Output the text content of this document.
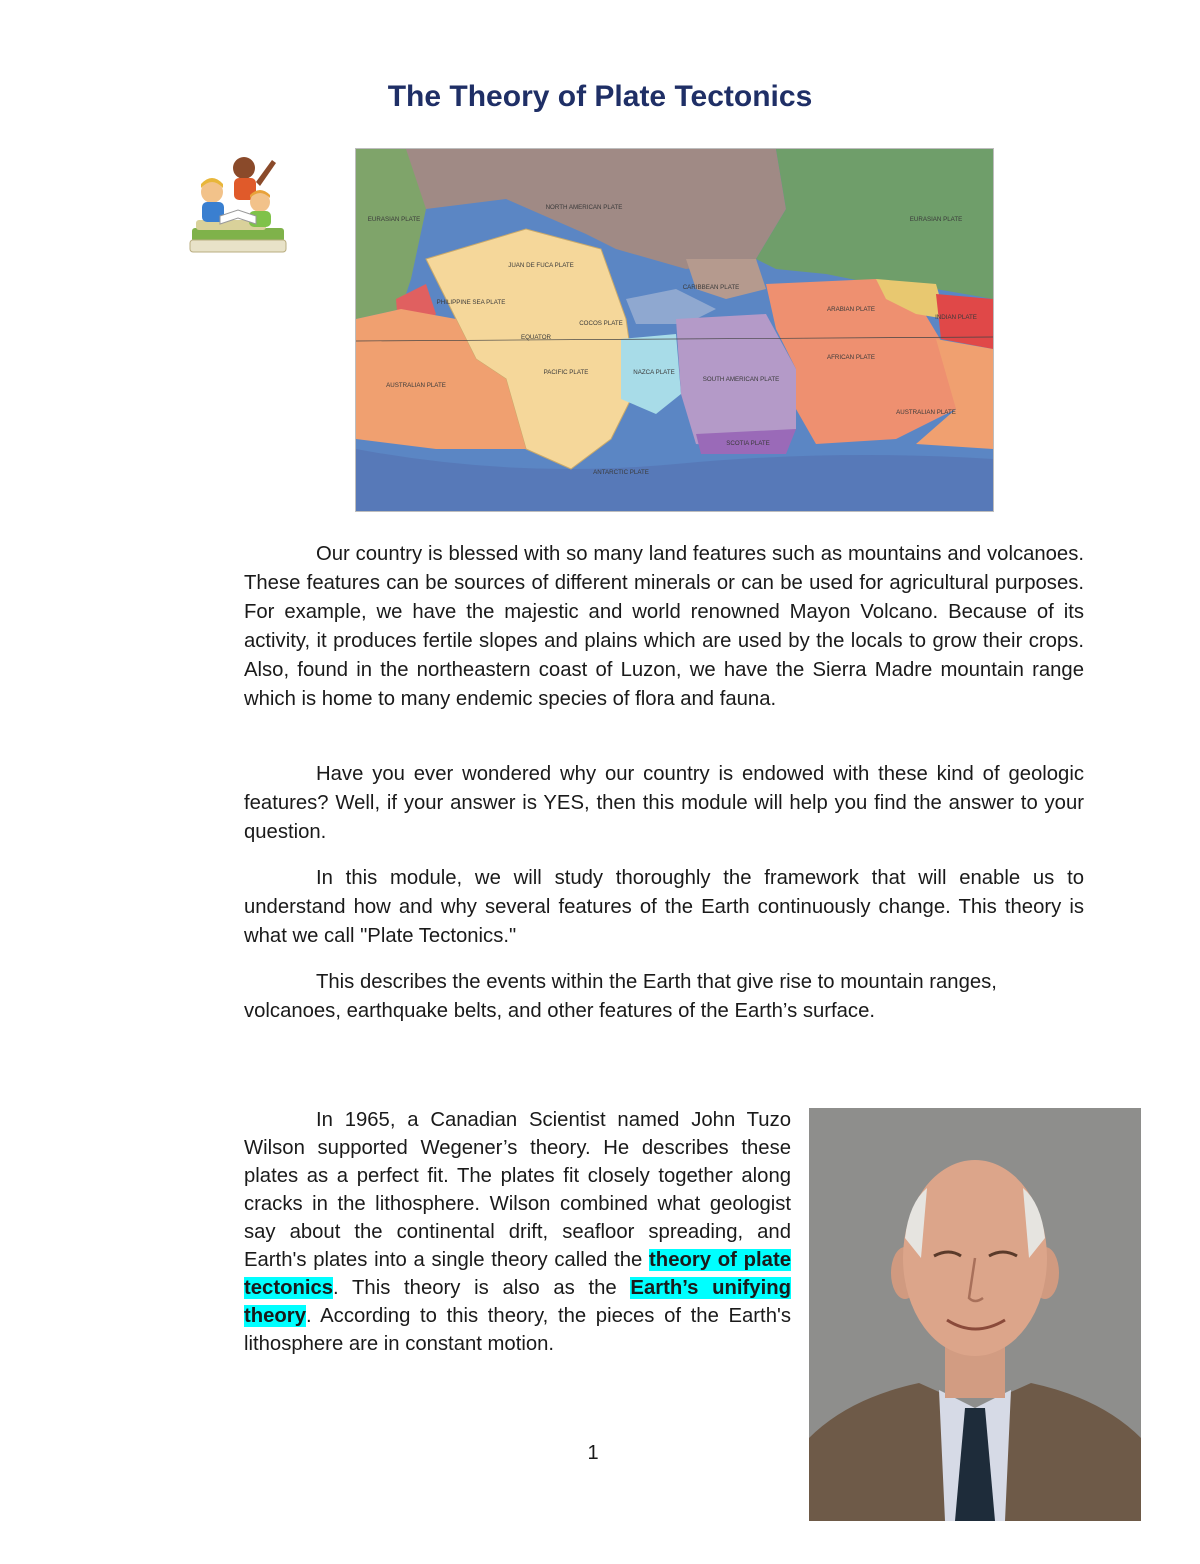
The Theory of Plate Tectonics
EURASIAN PLATE
NORTH AMERICAN PLATE
EURASIAN PLATE
JUAN DE FUCA PLATE
PHILIPPINE SEA PLATE
CARIBBEAN PLATE
ARABIAN PLATE
INDIAN PLATE
COCOS PLATE
EQUATOR
AFRICAN PLATE
PACIFIC PLATE	NAZCA PLATE
SOUTH AMERICAN PLATE
AUSTRALIAN PLATE
AUSTRALIAN PLATE
SCOTIA PLATE
ANTARCTIC PLATE

Our country is blessed with so many land features such as mountains and volcanoes. These features can be sources of different minerals or can be used for agricultural purposes. For example, we have the majestic and world renowned Mayon Volcano. Because of its activity, it produces fertile slopes and plains which are used by the locals to grow their crops. Also, found in the northeastern coast of Luzon, we have the Sierra Madre mountain range which is home to many endemic species of flora and fauna.

Have you ever wondered why our country is endowed with these kind of geologic features? Well, if your answer is YES, then this module will help you find the answer to your question.

In this module, we will study thoroughly the framework that will enable us to understand how and why several features of the Earth continuously change. This theory is what we call "Plate Tectonics."

This describes the events within the Earth that give rise to mountain ranges, volcanoes, earthquake belts, and other features of the Earth’s surface.

In 1965, a Canadian Scientist named John Tuzo Wilson supported Wegener’s theory. He describes these plates as a perfect fit. The plates fit closely together along cracks in the lithosphere. Wilson combined what geologist say about the continental drift, seafloor spreading, and Earth's plates into a single theory called the theory of plate tectonics. This theory is also as the Earth’s unifying theory. According to this theory, the pieces of the Earth's lithosphere are in constant motion.

1
